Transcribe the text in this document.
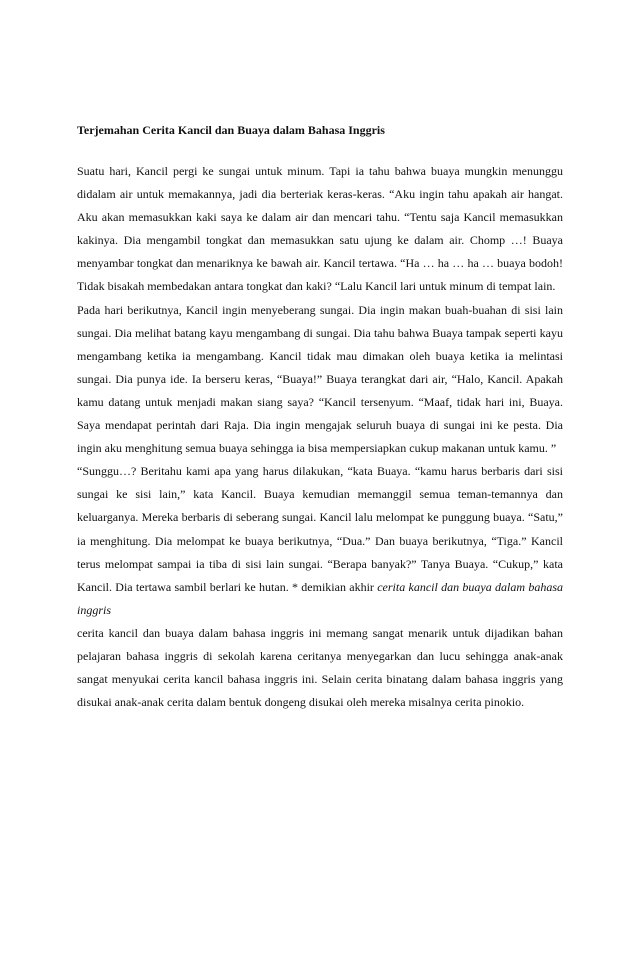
Terjemahan Cerita Kancil dan Buaya dalam Bahasa Inggris

Suatu hari, Kancil pergi ke sungai untuk minum. Tapi ia tahu bahwa buaya mungkin menunggu didalam air untuk memakannya, jadi dia berteriak keras-keras. “Aku ingin tahu apakah air hangat. Aku akan memasukkan kaki saya ke dalam air dan mencari tahu. “Tentu saja Kancil memasukkan kakinya. Dia mengambil tongkat dan memasukkan satu ujung ke dalam air. Chomp …! Buaya menyambar tongkat dan menariknya ke bawah air. Kancil tertawa. “Ha … ha … ha … buaya bodoh! Tidak bisakah membedakan antara tongkat dan kaki? “Lalu Kancil lari untuk minum di tempat lain.

Pada hari berikutnya, Kancil ingin menyeberang sungai. Dia ingin makan buah-buahan di sisi lain sungai. Dia melihat batang kayu mengambang di sungai. Dia tahu bahwa Buaya tampak seperti kayu mengambang ketika ia mengambang. Kancil tidak mau dimakan oleh buaya ketika ia melintasi sungai. Dia punya ide. Ia berseru keras, “Buaya!” Buaya terangkat dari air, “Halo, Kancil. Apakah kamu datang untuk menjadi makan siang saya? “Kancil tersenyum. “Maaf, tidak hari ini, Buaya. Saya mendapat perintah dari Raja. Dia ingin mengajak seluruh buaya di sungai ini ke pesta. Dia ingin aku menghitung semua buaya sehingga ia bisa mempersiapkan cukup makanan untuk kamu. ”

“Sunggu…? Beritahu kami apa yang harus dilakukan, “kata Buaya. “kamu harus berbaris dari sisi sungai ke sisi lain,” kata Kancil. Buaya kemudian memanggil semua teman-temannya dan keluarganya. Mereka berbaris di seberang sungai. Kancil lalu melompat ke punggung buaya. “Satu,” ia menghitung. Dia melompat ke buaya berikutnya, “Dua.” Dan buaya berikutnya, “Tiga.” Kancil terus melompat sampai ia tiba di sisi lain sungai. “Berapa banyak?” Tanya Buaya. “Cukup,” kata Kancil. Dia tertawa sambil berlari ke hutan. * demikian akhir cerita kancil dan buaya dalam bahasa inggris

cerita kancil dan buaya dalam bahasa inggris ini memang sangat menarik untuk dijadikan bahan pelajaran bahasa inggris di sekolah karena ceritanya menyegarkan dan lucu sehingga anak-anak sangat menyukai cerita kancil bahasa inggris ini. Selain cerita binatang dalam bahasa inggris yang disukai anak-anak cerita dalam bentuk dongeng disukai oleh mereka misalnya cerita pinokio.
